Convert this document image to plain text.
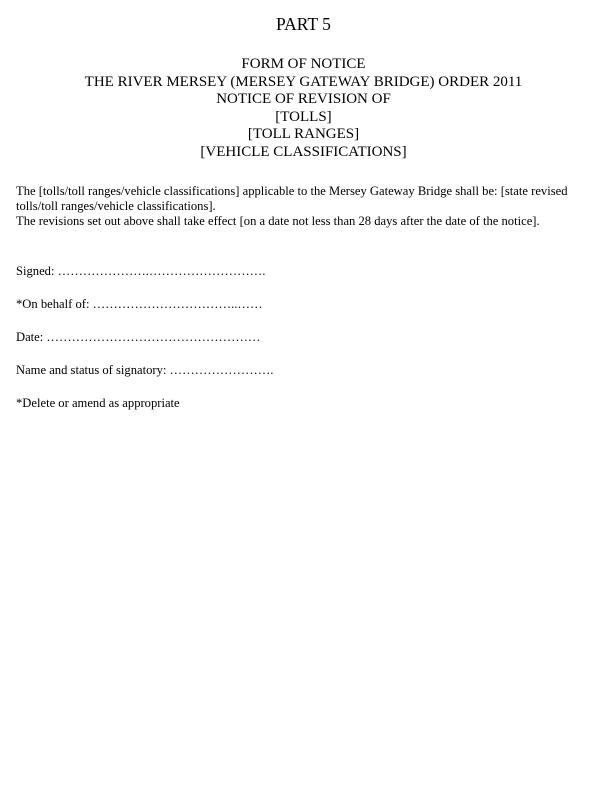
PART 5
FORM OF NOTICE
THE RIVER MERSEY (MERSEY GATEWAY BRIDGE) ORDER 2011
NOTICE OF REVISION OF
[TOLLS]
[TOLL RANGES]
[VEHICLE CLASSIFICATIONS]
The [tolls/toll ranges/vehicle classifications] applicable to the Mersey Gateway Bridge shall be: [state revised tolls/toll ranges/vehicle classifications].
The revisions set out above shall take effect [on a date not less than 28 days after the date of the notice].
Signed: ………………….……………………….
*On behalf of: ……………………………..……
Date: ……………………………………………
Name and status of signatory: …………………….
*Delete or amend as appropriate
